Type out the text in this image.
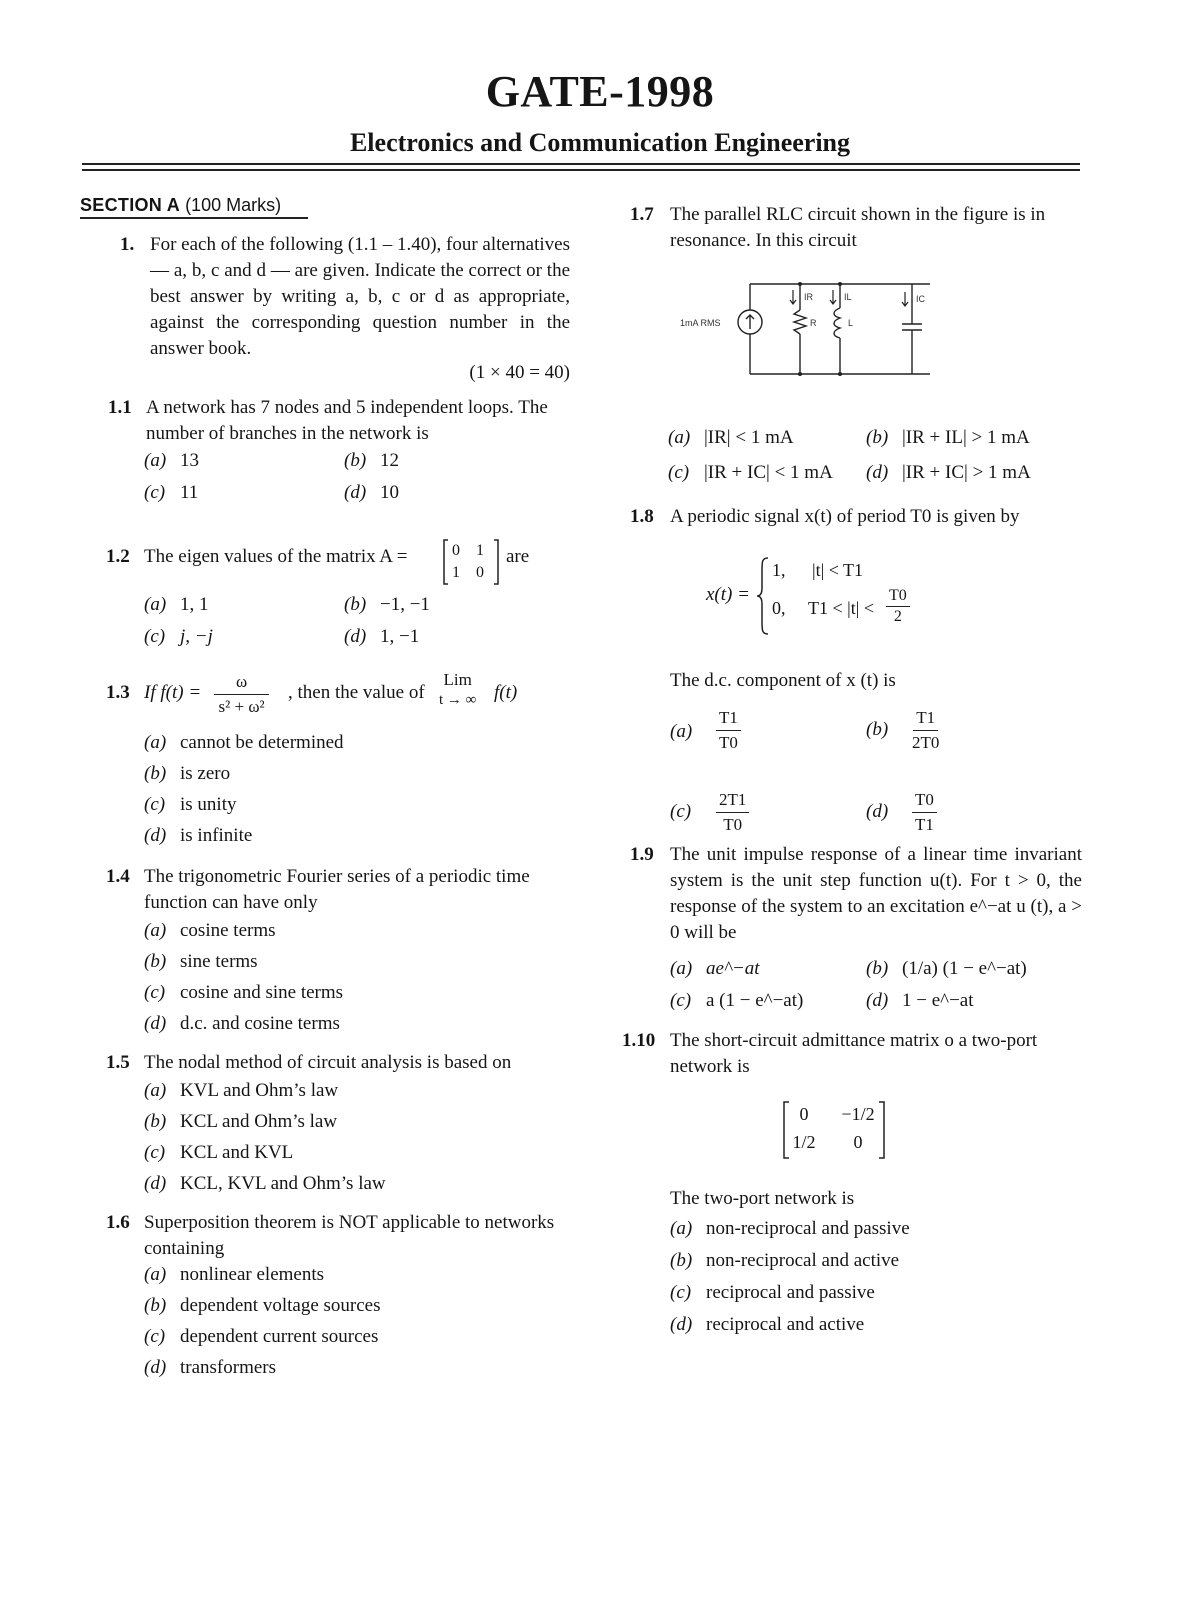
GATE-1998
Electronics and Communication Engineering
SECTION A (100 Marks)
1. For each of the following (1.1 – 1.40), four alternatives — a, b, c and d — are given. Indicate the correct or the best answer by writing a, b, c or d as appropriate, against the corresponding question number in the answer book.
(1 × 40 = 40)
1.1 A network has 7 nodes and 5 independent loops. The number of branches in the network is
(a) 13	(b) 12
(c) 11	(d) 10
1.2 The eigen values of the matrix A =	0	1
1	0
are
(a) 1, 1	(b) −1, −1
(c) j, −j	(d) 1, −1
1.3 If $f(t) = \frac{\omega}{\text{s² + ω²}}$ , then the value of
Lim
t → ∞ f(t)
(a) cannot be determined
(b) is zero
(c) is unity
(d) is infinite
1.4 The trigonometric Fourier series of a periodic time function can have only
(a) cosine terms
(b) sine terms
(c) cosine and sine terms
(d) d.c. and cosine terms
1.5 The nodal method of circuit analysis is based on
(a) KVL and Ohm’s law
(b) KCL and Ohm’s law
(c) KCL and KVL
(d) KCL, KVL and Ohm’s law
1.6 Superposition theorem is NOT applicable to networks containing
(a) nonlinear elements
(b) dependent voltage sources
(c) dependent current sources
(d) transformers
1.7 The parallel RLC circuit shown in the figure is in resonance. In this circuit
1mA RMS
IR	IL	IC
R	L
(a) |IR| < 1 mA	(b) |IR + IL| > 1 mA
(c) |IR + IC| < 1 mA (d) |IR + IC| > 1 mA
1.8 A periodic signal x(t) of period T0 is given by
x(t) =
1, |t| < T1
0, $T1 < |t| < \frac{T0}{2}$
The d.c. component of x (t) is
$(a) \frac{T1}{T0}$	$(b) \frac{T1}{2T0}$
$(c) \frac{2T1}{T0}$	$(d) \frac{T0}{T1}$
1.9 The unit impulse response of a linear time invariant system is the unit step function u(t). For t > 0, the response of the system to an excitation e^−at u (t), a > 0 will be
(a) ae^−at	(b) (1/a) (1 − e^−at)
(c) a (1 − e^−at)	(d) 1 − e^−at
1.10 The short-circuit admittance matrix o a two-port network is
0	−1/2
1/2	0
The two-port network is
(a) non-reciprocal and passive
(b) non-reciprocal and active
(c) reciprocal and passive
(d) reciprocal and active
